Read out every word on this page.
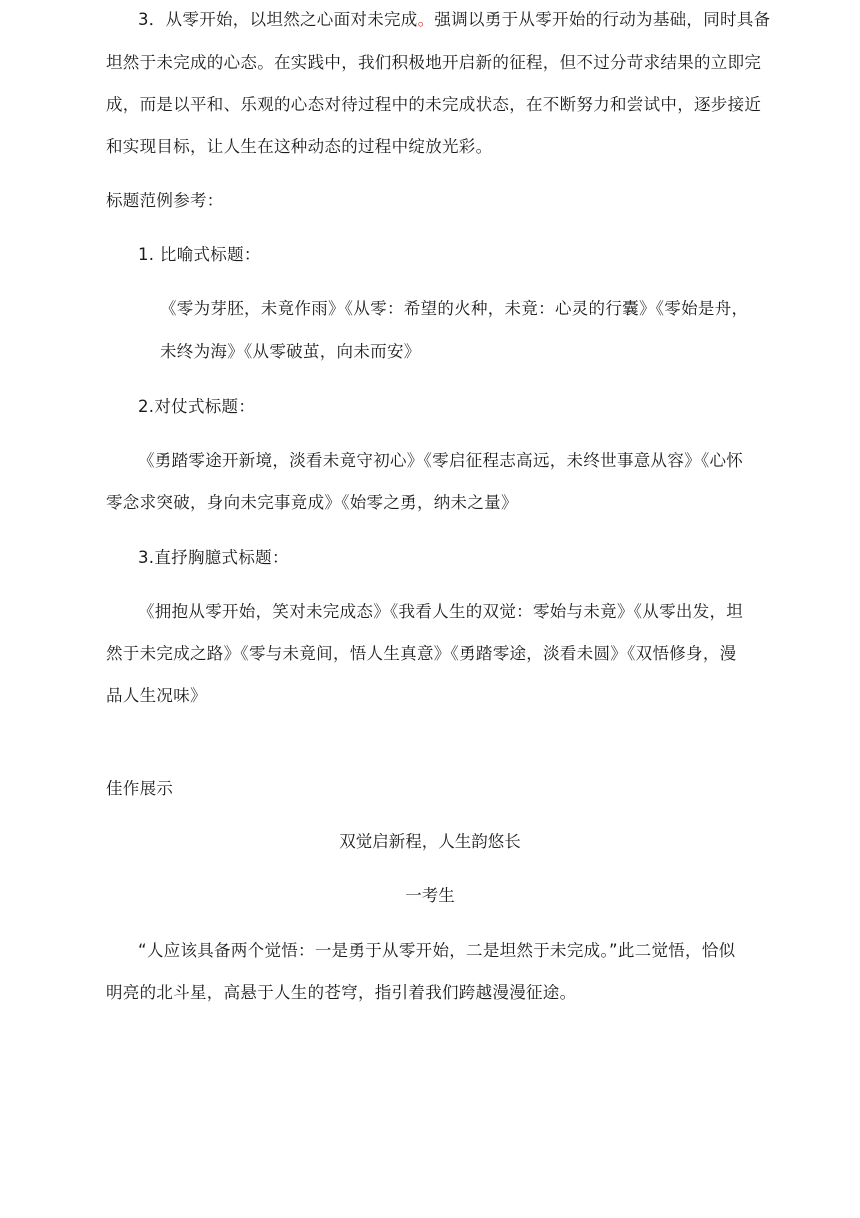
3．从零开始，以坦然之心面对未完成。强调以勇于从零开始的行动为基础，同时具备
坦然于未完成的心态。在实践中，我们积极地开启新的征程，但不过分苛求结果的立即完
成，而是以平和、乐观的心态对待过程中的未完成状态，在不断努力和尝试中，逐步接近
和实现目标，让人生在这种动态的过程中绽放光彩。
标题范例参考：
1. 比喻式标题：
《零为芽胚，未竟作雨》《从零：希望的火种，未竟：心灵的行囊》《零始是舟，
未终为海》《从零破茧，向未而安》
2.对仗式标题：
《勇踏零途开新境，淡看未竟守初心》《零启征程志高远，未终世事意从容》《心怀
零念求突破，身向未完事竟成》《始零之勇，纳未之量》
3.直抒胸臆式标题：
《拥抱从零开始，笑对未完成态》《我看人生的双觉：零始与未竟》《从零出发，坦
然于未完成之路》《零与未竟间，悟人生真意》《勇踏零途，淡看未圆》《双悟修身，漫
品人生况味》
佳作展示
双觉启新程，人生韵悠长
一考生
“人应该具备两个觉悟：一是勇于从零开始，二是坦然于未完成。”此二觉悟，恰似
明亮的北斗星，高悬于人生的苍穹，指引着我们跨越漫漫征途。
